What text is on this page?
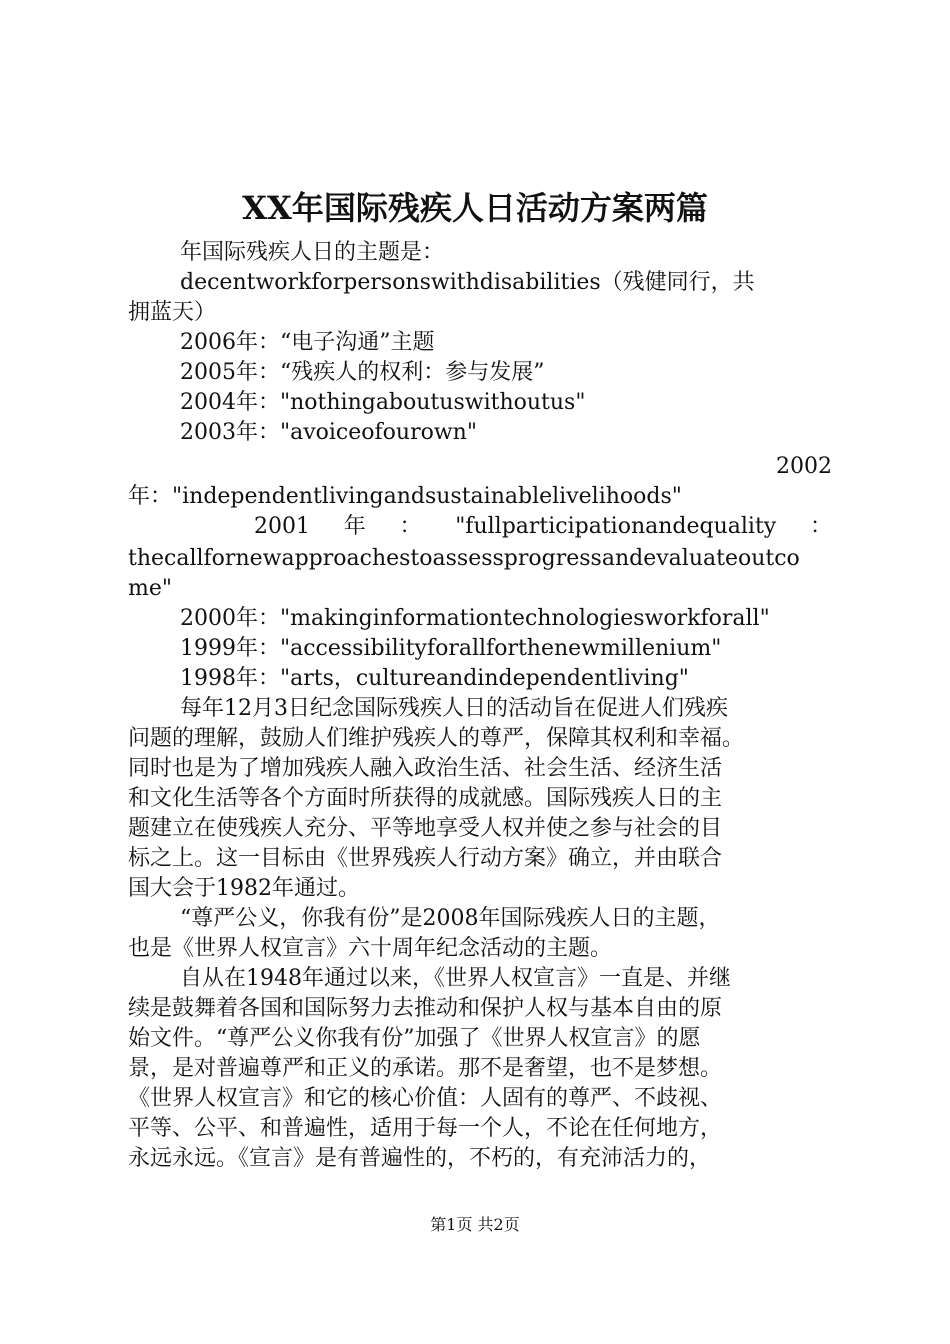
XX年国际残疾人日活动方案两篇
年国际残疾人日的主题是：
decentworkforpersonswithdisabilities（残健同行，共
拥蓝天）
2006年：“电子沟通”主题
2005年：“残疾人的权利：参与发展”
2004年："nothingaboutuswithoutus"
2003年："avoiceofourown"
2002
年："independentlivingandsustainablelivelihoods"
2001 年 ： "fullparticipationandequality ：
thecallfornewapproachestoassessprogressandevaluateoutco
me"
2000年："makinginformationtechnologiesworkforall"
1999年："accessibilityforallforthenewmillenium"
1998年："arts，cultureandindependentliving"
每年12月3日纪念国际残疾人日的活动旨在促进人们残疾
问题的理解，鼓励人们维护残疾人的尊严，保障其权利和幸福。
同时也是为了增加残疾人融入政治生活、社会生活、经济生活
和文化生活等各个方面时所获得的成就感。国际残疾人日的主
题建立在使残疾人充分、平等地享受人权并使之参与社会的目
标之上。这一目标由《世界残疾人行动方案》确立，并由联合
国大会于1982年通过。
“尊严公义，你我有份”是2008年国际残疾人日的主题，
也是《世界人权宣言》六十周年纪念活动的主题。
自从在1948年通过以来，《世界人权宣言》一直是、并继
续是鼓舞着各国和国际努力去推动和保护人权与基本自由的原
始文件。“尊严公义你我有份”加强了《世界人权宣言》的愿
景，是对普遍尊严和正义的承诺。那不是奢望，也不是梦想。
《世界人权宣言》和它的核心价值：人固有的尊严、不歧视、
平等、公平、和普遍性，适用于每一个人，不论在任何地方，
永远永远。《宣言》是有普遍性的，不朽的，有充沛活力的，
第1页 共2页
